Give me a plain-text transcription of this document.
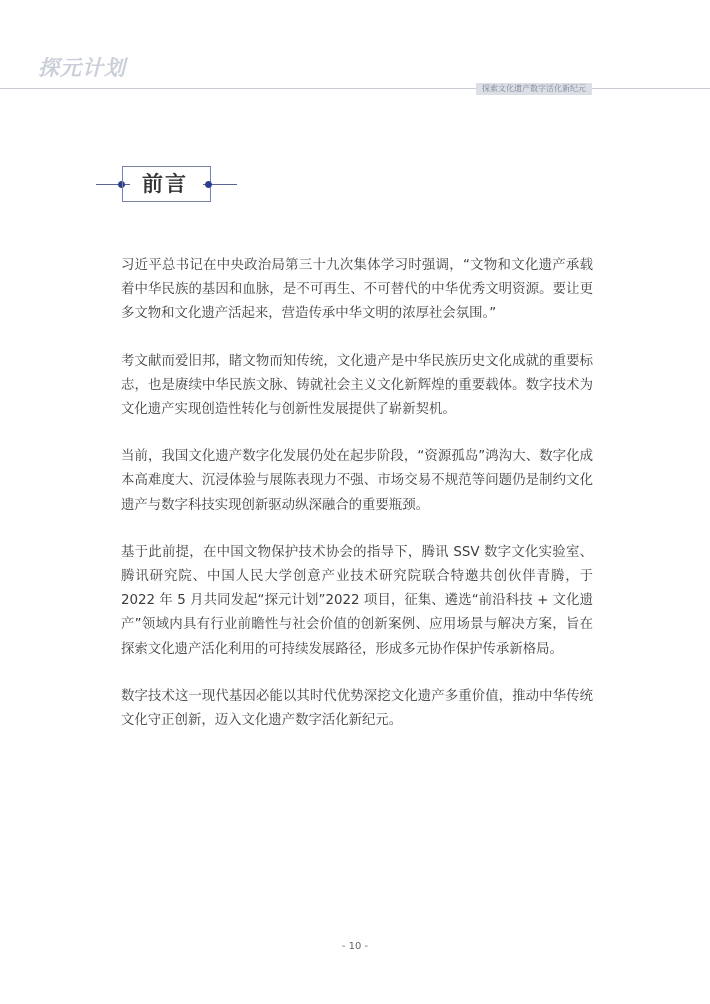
探元计划
探索文化遗产数字活化新纪元
前言

习近平总书记在中央政治局第三十九次集体学习时强调，“文物和文化遗产承载着中华民族的基因和血脉，是不可再生、不可替代的中华优秀文明资源。要让更多文物和文化遗产活起来，营造传承中华文明的浓厚社会氛围。”

考文献而爱旧邦，睹文物而知传统，文化遗产是中华民族历史文化成就的重要标志，也是赓续中华民族文脉、铸就社会主义文化新辉煌的重要载体。数字技术为文化遗产实现创造性转化与创新性发展提供了崭新契机。

当前，我国文化遗产数字化发展仍处在起步阶段，“资源孤岛”鸿沟大、数字化成本高难度大、沉浸体验与展陈表现力不强、市场交易不规范等问题仍是制约文化遗产与数字科技实现创新驱动纵深融合的重要瓶颈。

基于此前提，在中国文物保护技术协会的指导下，腾讯 SSV 数字文化实验室、腾讯研究院、中国人民大学创意产业技术研究院联合特邀共创伙伴青腾，于 2022 年 5 月共同发起“探元计划”2022 项目，征集、遴选“前沿科技 + 文化遗产”领域内具有行业前瞻性与社会价值的创新案例、应用场景与解决方案，旨在探索文化遗产活化利用的可持续发展路径，形成多元协作保护传承新格局。

数字技术这一现代基因必能以其时代优势深挖文化遗产多重价值，推动中华传统文化守正创新，迈入文化遗产数字活化新纪元。

- 10 -
